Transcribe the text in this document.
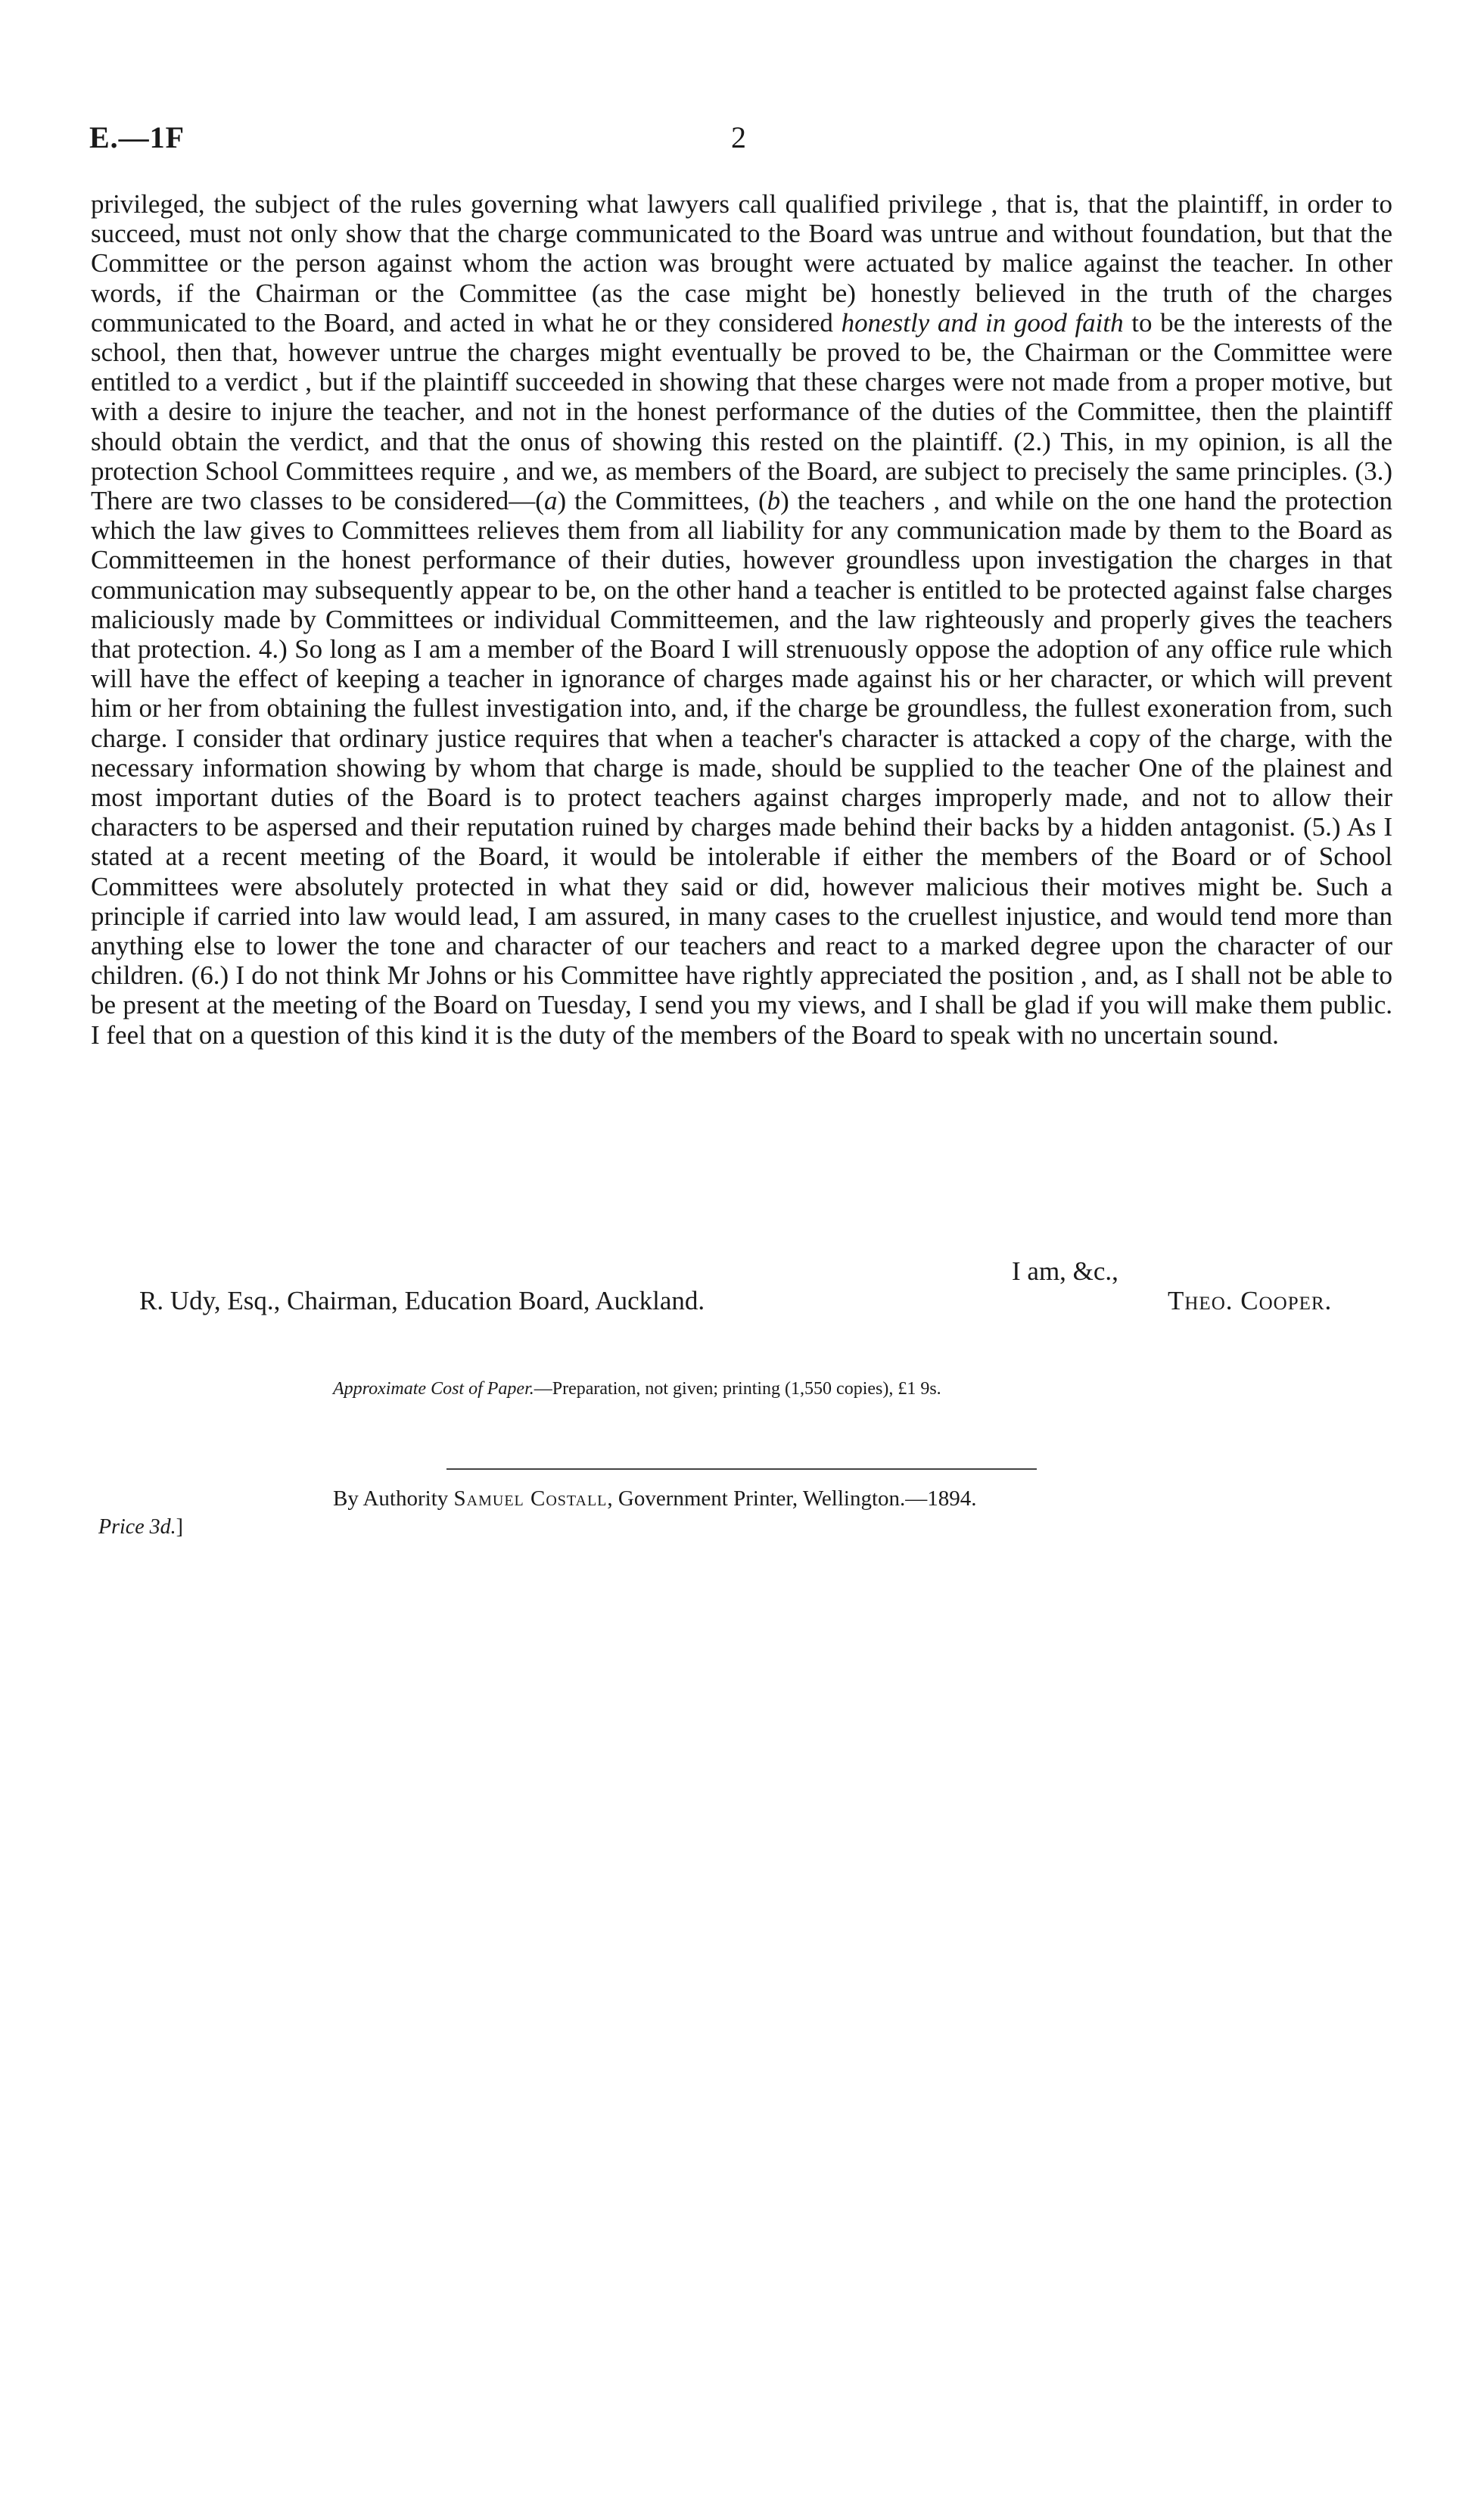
E.—1F	2

privileged, the subject of the rules governing what lawyers call qualified privilege , that is, that the plaintiff, in order to succeed, must not only show that the charge communicated to the Board was untrue and without foundation, but that the Committee or the person against whom the action was brought were actuated by malice against the teacher. In other words, if the Chairman or the Committee (as the case might be) honestly believed in the truth of the charges communicated to the Board, and acted in what he or they considered honestly and in good faith to be the interests of the school, then that, however untrue the charges might eventually be proved to be, the Chairman or the Committee were entitled to a verdict , but if the plaintiff succeeded in showing that these charges were not made from a proper motive, but with a desire to injure the teacher, and not in the honest performance of the duties of the Committee, then the plaintiff should obtain the verdict, and that the onus of showing this rested on the plaintiff. (2.) This, in my opinion, is all the protection School Committees require , and we, as members of the Board, are subject to precisely the same principles. (3.) There are two classes to be considered—(a) the Committees, (b) the teachers , and while on the one hand the protection which the law gives to Committees relieves them from all liability for any communication made by them to the Board as Committeemen in the honest performance of their duties, however groundless upon investigation the charges in that communication may subsequently appear to be, on the other hand a teacher is entitled to be protected against false charges maliciously made by Committees or individual Committeemen, and the law righteously and properly gives the teachers that protection. 4.) So long as I am a member of the Board I will strenuously oppose the adoption of any office rule which will have the effect of keeping a teacher in ignorance of charges made against his or her character, or which will prevent him or her from obtaining the fullest investigation into, and, if the charge be groundless, the fullest exoneration from, such charge. I consider that ordinary justice requires that when a teacher's character is attacked a copy of the charge, with the necessary information showing by whom that charge is made, should be supplied to the teacher One of the plainest and most important duties of the Board is to protect teachers against charges improperly made, and not to allow their characters to be aspersed and their reputation ruined by charges made behind their backs by a hidden antagonist. (5.) As I stated at a recent meeting of the Board, it would be intolerable if either the members of the Board or of School Committees were absolutely protected in what they said or did, however malicious their motives might be. Such a principle if carried into law would lead, I am assured, in many cases to the cruellest injustice, and would tend more than anything else to lower the tone and character of our teachers and react to a marked degree upon the character of our children. (6.) I do not think Mr Johns or his Committee have rightly appreciated the position , and, as I shall not be able to be present at the meeting of the Board on Tuesday, I send you my views, and I shall be glad if you will make them public. I feel that on a question of this kind it is the duty of the members of the Board to speak with no uncertain sound.

I am, &c.,
R. Udy, Esq., Chairman, Education Board, Auckland.	Theo. Cooper.
Approximate Cost of Paper.—Preparation, not given; printing (1,550 copies), £1 9s.
By Authority Samuel Costall, Government Printer, Wellington.—1894.
Price 3d.]
